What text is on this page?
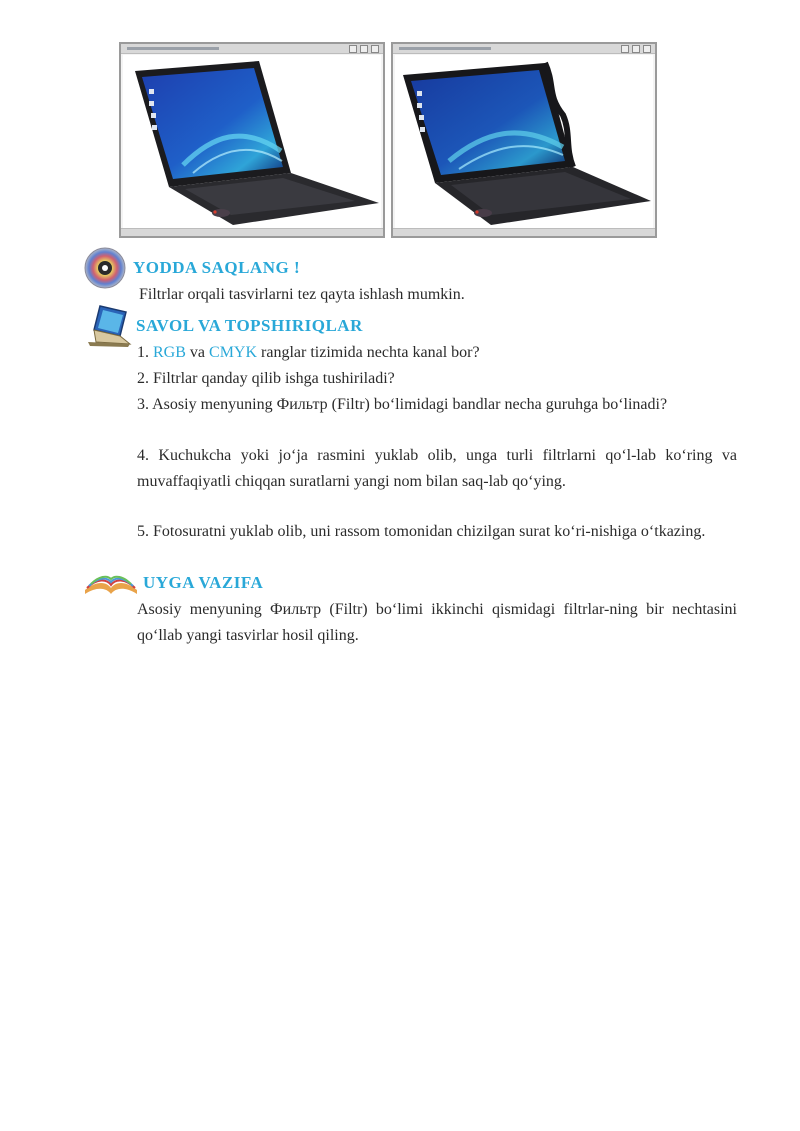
YODDA SAQLANG !

Filtrlar orqali tasvirlarni tez qayta ishlash mumkin.

SAVOL VA TOPSHIRIQLAR

1. RGB va CMYK ranglar tizimida nechta kanal bor?

2. Filtrlar qanday qilib ishga tushiriladi?

3. Asosiy menyuning Фильтр (Filtr) bo‘limidagi bandlar necha guruhga bo‘linadi?

4. Kuchukcha yoki jo‘ja rasmini yuklab olib, unga turli filtrlarni qo‘l-lab ko‘ring va muvaffaqiyatli chiqqan suratlarni yangi nom bilan saq-lab qo‘ying.

5. Fotosuratni yuklab olib, uni rassom tomonidan chizilgan surat ko‘ri-nishiga o‘tkazing.

UYGA VAZIFA

Asosiy menyuning Фильтр (Filtr) bo‘limi ikkinchi qismidagi filtrlar-ning bir nechtasini qo‘llab yangi tasvirlar hosil qiling.
